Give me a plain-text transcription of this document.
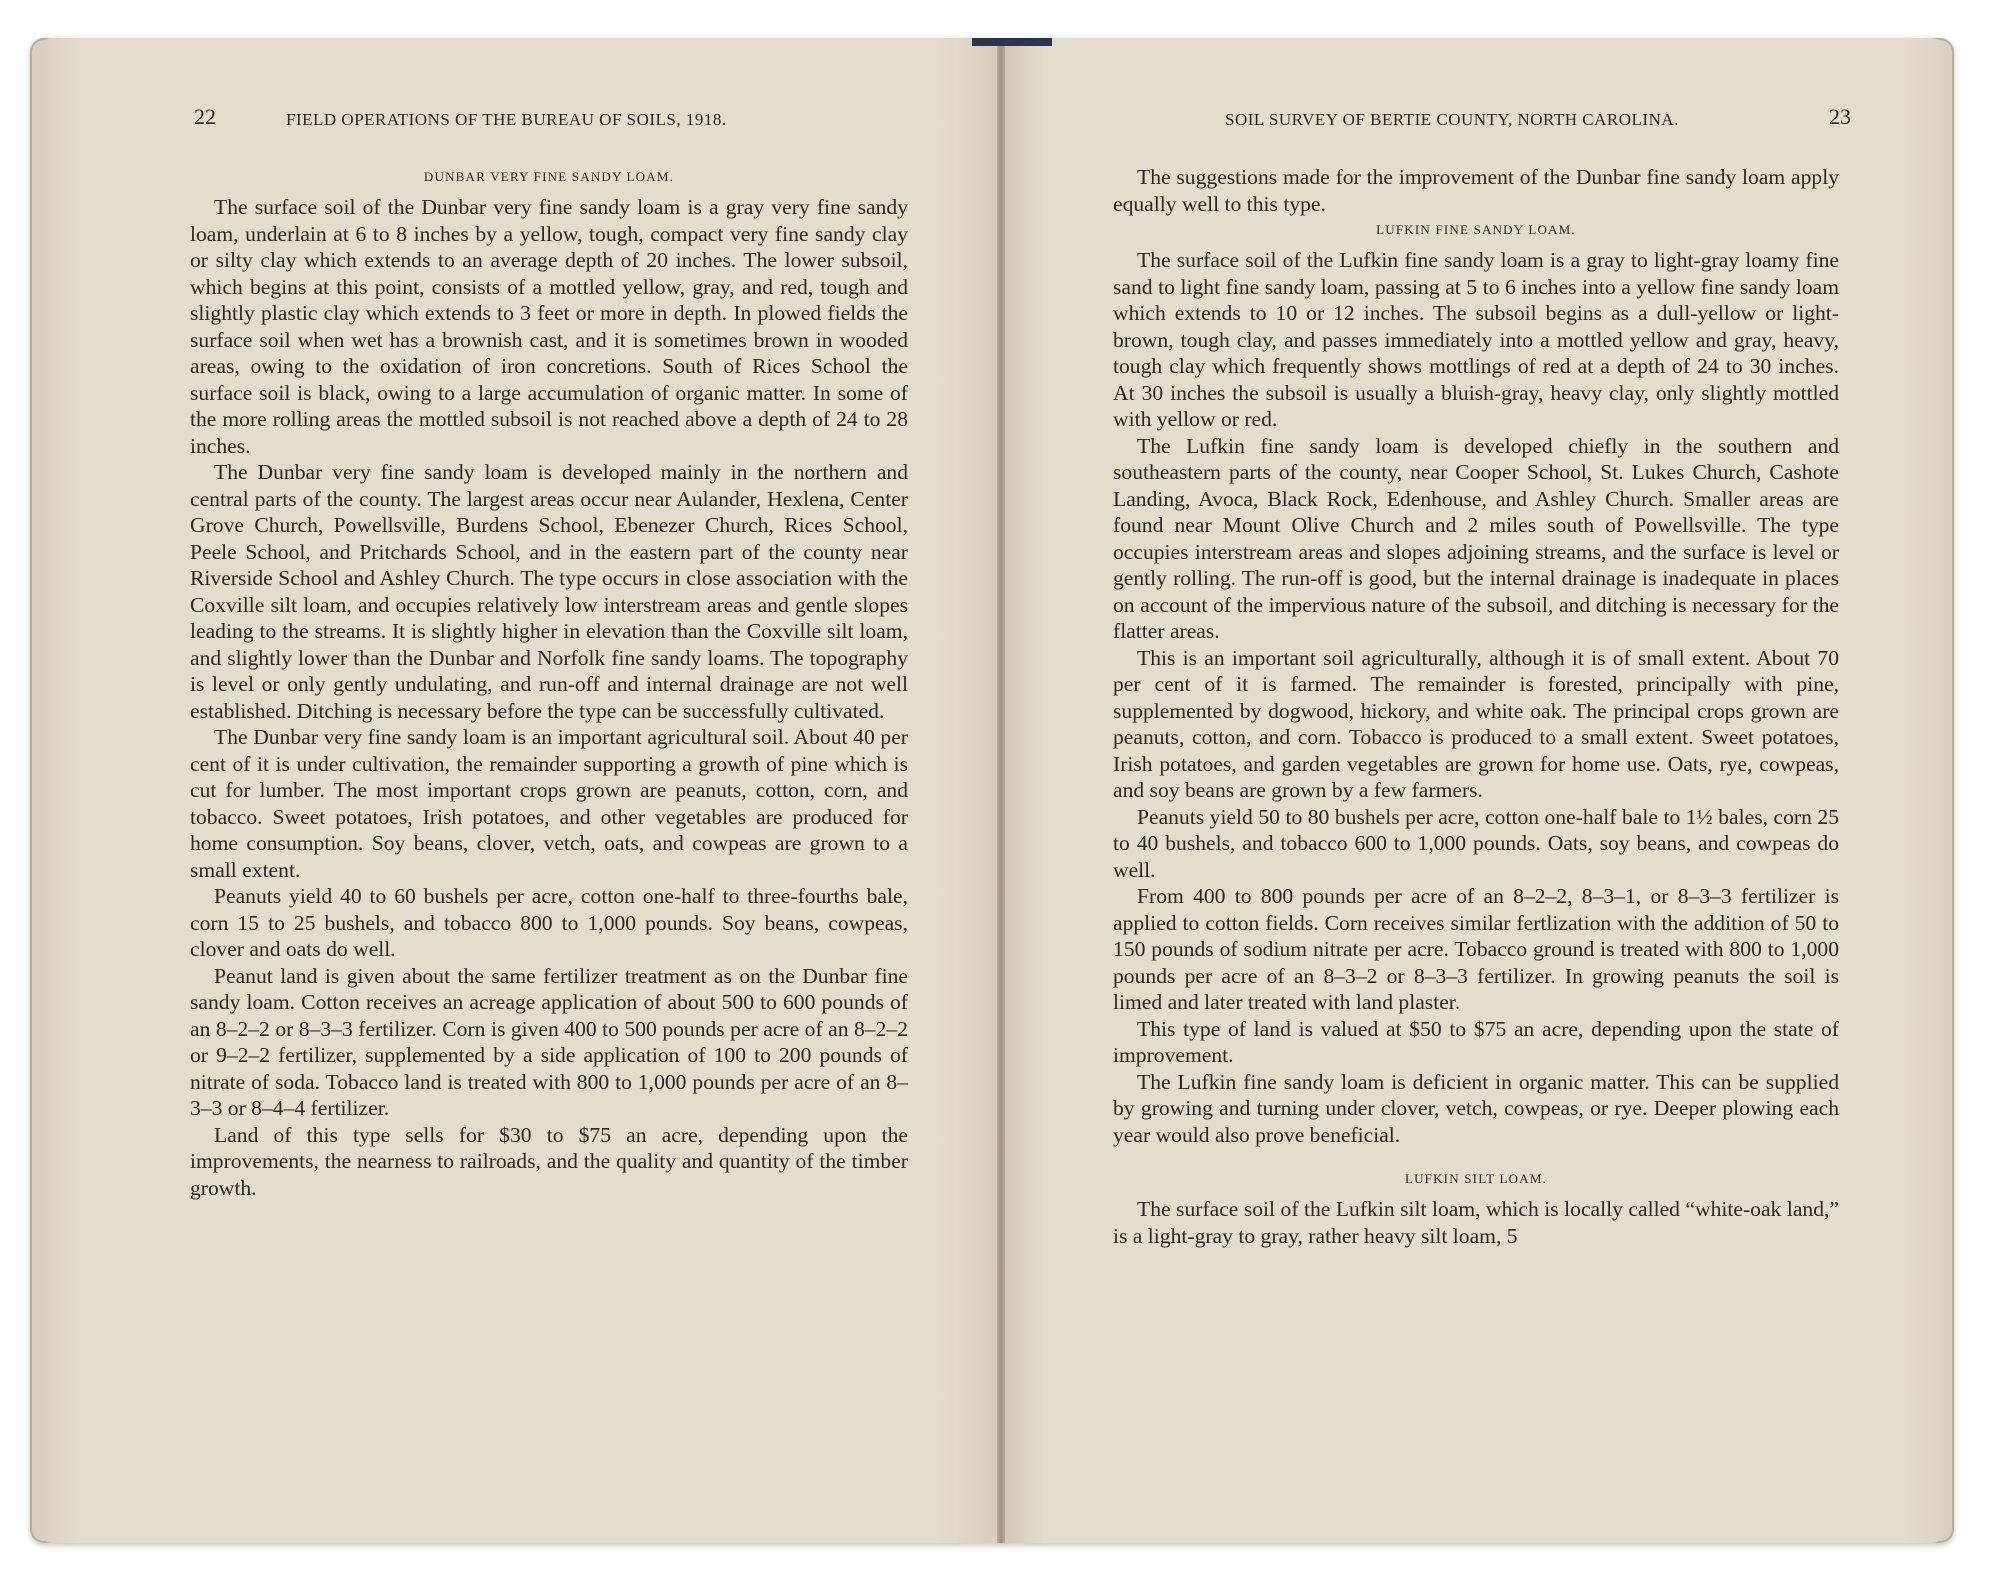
22	FIELD OPERATIONS OF THE BUREAU OF SOILS, 1918.
DUNBAR VERY FINE SANDY LOAM.

The surface soil of the Dunbar very fine sandy loam is a gray very fine sandy loam, underlain at 6 to 8 inches by a yellow, tough, compact very fine sandy clay or silty clay which extends to an average depth of 20 inches. The lower subsoil, which begins at this point, consists of a mottled yellow, gray, and red, tough and slightly plastic clay which extends to 3 feet or more in depth. In plowed fields the surface soil when wet has a brownish cast, and it is sometimes brown in wooded areas, owing to the oxidation of iron concretions. South of Rices School the surface soil is black, owing to a large accumulation of organic matter. In some of the more rolling areas the mottled subsoil is not reached above a depth of 24 to 28 inches.

The Dunbar very fine sandy loam is developed mainly in the northern and central parts of the county. The largest areas occur near Aulander, Hexlena, Center Grove Church, Powellsville, Burdens School, Ebenezer Church, Rices School, Peele School, and Pritchards School, and in the eastern part of the county near Riverside School and Ashley Church. The type occurs in close association with the Coxville silt loam, and occupies relatively low interstream areas and gentle slopes leading to the streams. It is slightly higher in elevation than the Coxville silt loam, and slightly lower than the Dunbar and Norfolk fine sandy loams. The topography is level or only gently undulating, and run-off and internal drainage are not well established. Ditching is necessary before the type can be successfully cultivated.

The Dunbar very fine sandy loam is an important agricultural soil. About 40 per cent of it is under cultivation, the remainder supporting a growth of pine which is cut for lumber. The most important crops grown are peanuts, cotton, corn, and tobacco. Sweet potatoes, Irish potatoes, and other vegetables are produced for home consumption. Soy beans, clover, vetch, oats, and cowpeas are grown to a small extent.

Peanuts yield 40 to 60 bushels per acre, cotton one-half to three-fourths bale, corn 15 to 25 bushels, and tobacco 800 to 1,000 pounds. Soy beans, cowpeas, clover and oats do well.

Peanut land is given about the same fertilizer treatment as on the Dunbar fine sandy loam. Cotton receives an acreage application of about 500 to 600 pounds of an 8–2–2 or 8–3–3 fertilizer. Corn is given 400 to 500 pounds per acre of an 8–2–2 or 9–2–2 fertilizer, supplemented by a side application of 100 to 200 pounds of nitrate of soda. Tobacco land is treated with 800 to 1,000 pounds per acre of an 8–3–3 or 8–4–4 fertilizer.

Land of this type sells for $30 to $75 an acre, depending upon the improvements, the nearness to railroads, and the quality and quantity of the timber growth.

SOIL SURVEY OF BERTIE COUNTY, NORTH CAROLINA.	23

The suggestions made for the improvement of the Dunbar fine sandy loam apply equally well to this type.

LUFKIN FINE SANDY LOAM.

The surface soil of the Lufkin fine sandy loam is a gray to light-gray loamy fine sand to light fine sandy loam, passing at 5 to 6 inches into a yellow fine sandy loam which extends to 10 or 12 inches. The subsoil begins as a dull-yellow or light-brown, tough clay, and passes immediately into a mottled yellow and gray, heavy, tough clay which frequently shows mottlings of red at a depth of 24 to 30 inches. At 30 inches the subsoil is usually a bluish-gray, heavy clay, only slightly mottled with yellow or red.

The Lufkin fine sandy loam is developed chiefly in the southern and southeastern parts of the county, near Cooper School, St. Lukes Church, Cashote Landing, Avoca, Black Rock, Edenhouse, and Ashley Church. Smaller areas are found near Mount Olive Church and 2 miles south of Powellsville. The type occupies interstream areas and slopes adjoining streams, and the surface is level or gently rolling. The run-off is good, but the internal drainage is inadequate in places on account of the impervious nature of the subsoil, and ditching is necessary for the flatter areas.

This is an important soil agriculturally, although it is of small extent. About 70 per cent of it is farmed. The remainder is forested, principally with pine, supplemented by dogwood, hickory, and white oak. The principal crops grown are peanuts, cotton, and corn. Tobacco is produced to a small extent. Sweet potatoes, Irish potatoes, and garden vegetables are grown for home use. Oats, rye, cowpeas, and soy beans are grown by a few farmers.

Peanuts yield 50 to 80 bushels per acre, cotton one-half bale to 1½ bales, corn 25 to 40 bushels, and tobacco 600 to 1,000 pounds. Oats, soy beans, and cowpeas do well.

From 400 to 800 pounds per acre of an 8–2–2, 8–3–1, or 8–3–3 fertilizer is applied to cotton fields. Corn receives similar fertlization with the addition of 50 to 150 pounds of sodium nitrate per acre. Tobacco ground is treated with 800 to 1,000 pounds per acre of an 8–3–2 or 8–3–3 fertilizer. In growing peanuts the soil is limed and later treated with land plaster.

This type of land is valued at $50 to $75 an acre, depending upon the state of improvement.

The Lufkin fine sandy loam is deficient in organic matter. This can be supplied by growing and turning under clover, vetch, cowpeas, or rye. Deeper plowing each year would also prove beneficial.

LUFKIN SILT LOAM.

The surface soil of the Lufkin silt loam, which is locally called “white-oak land,” is a light-gray to gray, rather heavy silt loam, 5
